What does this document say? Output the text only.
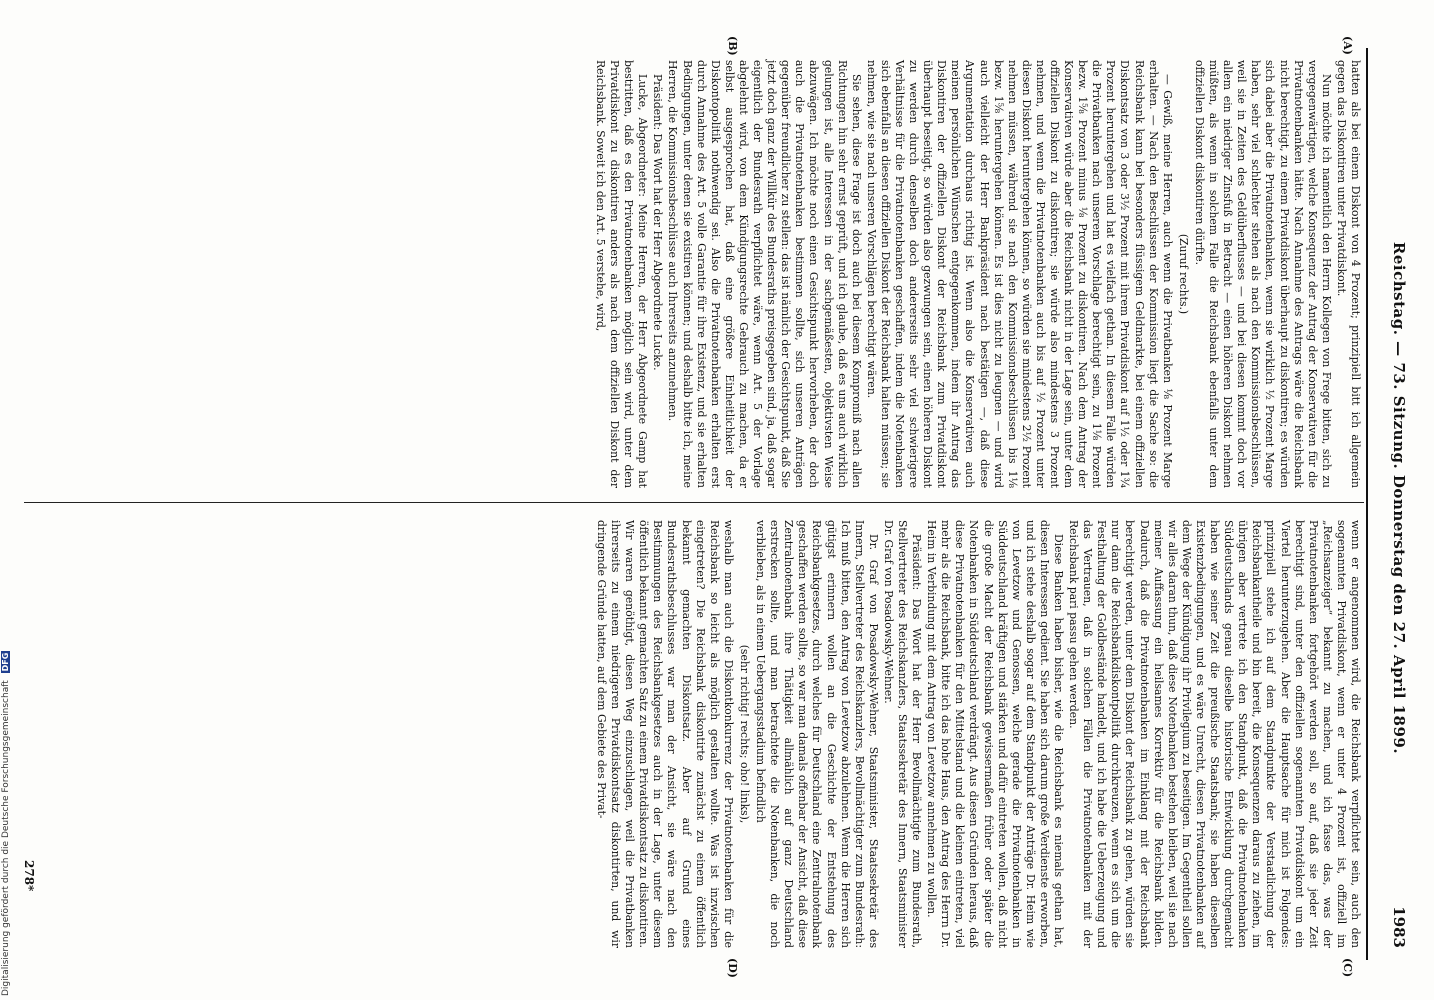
Reichstag. — 73. Sitzung. Donnerstag den 27. April 1899.
1983
(A)
(B)
(C)
(D)

hatten als bei einem Diskont von 4 Prozent; prinzipiell bitt ich allgemein gegen das Diskontiren unter Privatdiskont.

Nun möchte ich namentlich den Herrn Kollegen von Frege bitten, sich zu vergegenwärtigen, welche Konsequenz der Antrag der Konservativen für die Privatnotenbanken hätte. Nach Annahme des Antrags wäre die Reichsbank nicht berechtigt, zu einem Privatdiskont überhaupt zu diskontiren; es würden sich dabei aber die Privatnotenbanken, wenn sie wirklich ½ Prozent Marge haben, sehr viel schlechter stehen als nach den Kommissionsbeschlüssen, weil sie in Zeiten des Geldüberflusses — und bei diesen kommt doch vor allem ein niedriger Zinsfuß in Betracht — einen höheren Diskont nehmen müßten, als wenn in solchem Falle die Reichsbank ebenfalls unter dem offiziellen Diskont diskontiren dürfte.

(Zuruf rechts.)

— Gewiß, meine Herren, auch wenn die Privatbanken ⅛ Prozent Marge erhalten. — Nach den Beschlüssen der Kommission liegt die Sache so: die Reichsbank kann bei besonders flüssigem Geldmarkte, bei einem offiziellen Diskontsatz von 3 oder 3½ Prozent mit ihrem Privatdiskont auf 1½ oder 1¾ Prozent heruntergehen und hat es vielfach gethan. In diesem Falle würden die Privatbanken nach unserem Vorschlage berechtigt sein, zu 1⅛ Prozent bezw. 1⅝ Prozent minus ⅛ Prozent zu diskontiren. Nach dem Antrag der Konservativen würde aber die Reichsbank nicht in der Lage sein, unter dem offiziellen Diskont zu diskontiren; sie würde also mindestens 3 Prozent nehmen, und wenn die Privatnotenbanken auch bis auf ½ Prozent unter diesen Diskont heruntergehen können, so würden sie mindestens 2½ Prozent nehmen müssen, während sie nach den Kommissionsbeschlüssen bis 1⅛ bezw. 1⅝ heruntergehen können. Es ist dies nicht zu leugnen — und wird auch vielleicht der Herr Bankpräsident nach bestätigen —, daß diese Argumentation durchaus richtig ist. Wenn also die Konservativen auch meinen persönlichen Wünschen entgegenkommen, indem ihr Antrag das Diskontiren der offiziellen Diskont der Reichsbank zum Privatdiskont überhaupt beseitigt, so würden also gezwungen sein, einen höheren Diskont zu werden durch denselben doch andererseits sehr viel schwierigere Verhältnisse für die Privatnotenbanken geschaffen, indem die Notenbanken sich ebenfalls an diesen offiziellen Diskont der Reichsbank halten müssen; sie nehmen, wie sie nach unseren Vorschlägen berechtigt wären.

Sie sehen, diese Frage ist doch auch bei diesem Kompromiß nach allen Richtungen hin sehr ernst geprüft, und ich glaube, daß es uns auch wirklich gelungen ist, alle Interessen in der sachgemäßesten, objektivsten Weise abzuwägen. Ich möchte noch einen Gesichtspunkt hervorheben, der doch auch die Privatnotenbanken bestimmen sollte, sich unseren Anträgen gegenüber freundlicher zu stellen: das ist nämlich der Gesichtspunkt, daß Sie jetzt doch ganz der Willkür des Bundesraths preisgegeben sind, ja, daß sogar eigentlich der Bundesrath verpflichtet wäre, wenn Art. 5 der Vorlage abgelehnt wird, von dem Kündigungsrechte Gebrauch zu machen, da er selbst ausgesprochen hat, daß eine größere Einheitlichkeit der Diskontopolitik nothwendig sei. Also die Privatnotenbanken erhalten erst durch Annahme des Art. 5 volle Garantie für ihre Existenz, und sie erhalten Bedingungen, unter denen sie existiren können; und deshalb bitte ich, meine Herren, die Kommissionsbeschlüsse auch Ihrerseits anzunehmen.

Präsident: Das Wort hat der Herr Abgeordnete Lucke.

Lucke, Abgeordneter: Meine Herren, der Herr Abgeordnete Gamp hat bestritten, daß es den Privatnotenbanken möglich sein wird, unter dem Privatdiskont zu diskontiren anders als nach dem offiziellen Diskont der Reichsbank. Soweit ich den Art. 5 verstehe, wird,

wenn er angenommen wird, die Reichsbank verpflichtet sein, auch den sogenannten Privatdiskont, wenn er unter 4 Prozent ist, offiziell im „Reichsanzeiger“ bekannt zu machen, und ich fasse das, was der Privatnotenbanken fortgehört werden soll, so auf, daß sie jeder Zeit berechtigt sind, unter den offiziellen sogenannten Privatdiskont um ein Viertel herunterzugehen. Aber die Hauptsache für mich ist Folgendes: prinzipiell stehe ich auf dem Standpunkte der Verstaatlichung der Reichsbankantheile und bin bereit, die Konsequenzen daraus zu ziehen, im übrigen aber vertrete ich den Standpunkt, daß die Privatnotenbanken Süddeutschlands genau dieselbe historische Entwicklung durchgemacht haben wie seiner Zeit die preußische Staatsbank; sie haben dieselben Existenzbedingungen, und es wäre Unrecht, diesen Privatnotenbanken auf dem Wege der Kündigung ihr Privilegium zu beseitigen. Im Gegentheil sollen wir alles daran thun, daß diese Notenbanken bestehen bleiben, weil sie nach meiner Auffassung ein heilsames Korrektiv für die Reichsbank bilden. Dadurch, daß die Privatnotenbanken im Einklang mit der Reichsbank berechtigt werden, unter dem Diskont der Reichsbank zu gehen, würden sie nur dann die Reichsbankdiskontpolitik durchkreuzen, wenn es sich um die Festhaltung der Goldbestände handelt, und ich habe die Ueberzeugung und das Vertrauen, daß in solchen Fällen die Privatnotenbanken mit der Reichsbank pari passu gehen werden.

Diese Banken haben bisher, wie die Reichsbank es niemals gethan hat, diesen Interessen gedient. Sie haben sich darum große Verdienste erworben, und ich stehe deshalb sogar auf dem Standpunkt der Anträge Dr. Heim wie von Levetzow und Genossen, welche gerade die Privatnotenbanken in Süddeutschland kräftigen und stärken und dafür eintreten wollen, daß nicht die große Macht der Reichsbank gewissermaßen früher oder später die Notenbanken in Süddeutschland verdrängt. Aus diesen Gründen heraus, daß diese Privatnotenbanken für den Mittelstand und die kleinen eintreten, viel mehr als die Reichsbank, bitte ich das hohe Haus, den Antrag des Herrn Dr. Heim in Verbindung mit dem Antrag von Levetzow annehmen zu wollen.

Präsident: Das Wort hat der Herr Bevollmächtigte zum Bundesrath, Stellvertreter des Reichskanzlers, Staatssekretär des Innern, Staatsminister Dr. Graf von Posadowsky-Wehner.

Dr. Graf von Posadowsky-Wehner, Staatsminister, Staatssekretär des Innern, Stellvertreter des Reichskanzlers, Bevollmächtigter zum Bundesrath: Ich muß bitten, den Antrag von Levetzow abzulehnen. Wenn die Herren sich gütigst erinnern wollen an die Geschichte der Entstehung des Reichsbankgesetzes, durch welches für Deutschland eine Zentralnotenbank geschaffen werden sollte, so war man damals offenbar der Ansicht, daß diese Zentralnotenbank ihre Thätigkeit allmählich auf ganz Deutschland erstrecken sollte, und man betrachtete die Notenbanken, die noch verblieben, als in einem Uebergangsstadium befindlich

(sehr richtig! rechts; oho! links),

weshalb man auch die Diskontkonkurrenz der Privatnotenbanken für die Reichsbank so leicht als möglich gestalten wollte. Was ist inzwischen eingetreten? Die Reichsbank diskontirte zunächst zu einem öffentlich bekannt gemachten Diskontsatz. Aber auf Grund eines Bundesrathsbeschlusses war man der Ansicht, sie wäre nach den Bestimmungen des Reichsbankgesetzes auch in der Lage, unter diesem öffentlich bekannt gemachten Satz zu einem Privatdiskontsatz zu diskontiren. Wir waren genöthigt, diesen Weg einzuschlagen, weil die Privatbanken ihrerseits zu einem niedrigeren Privatdiskontsatz diskontirten, und wir dringende Gründe hatten, auf dem Gebiete des Privat-

278*
Digitalisierung gefördert durch die Deutsche Forschungsgemeinschaft DFG
